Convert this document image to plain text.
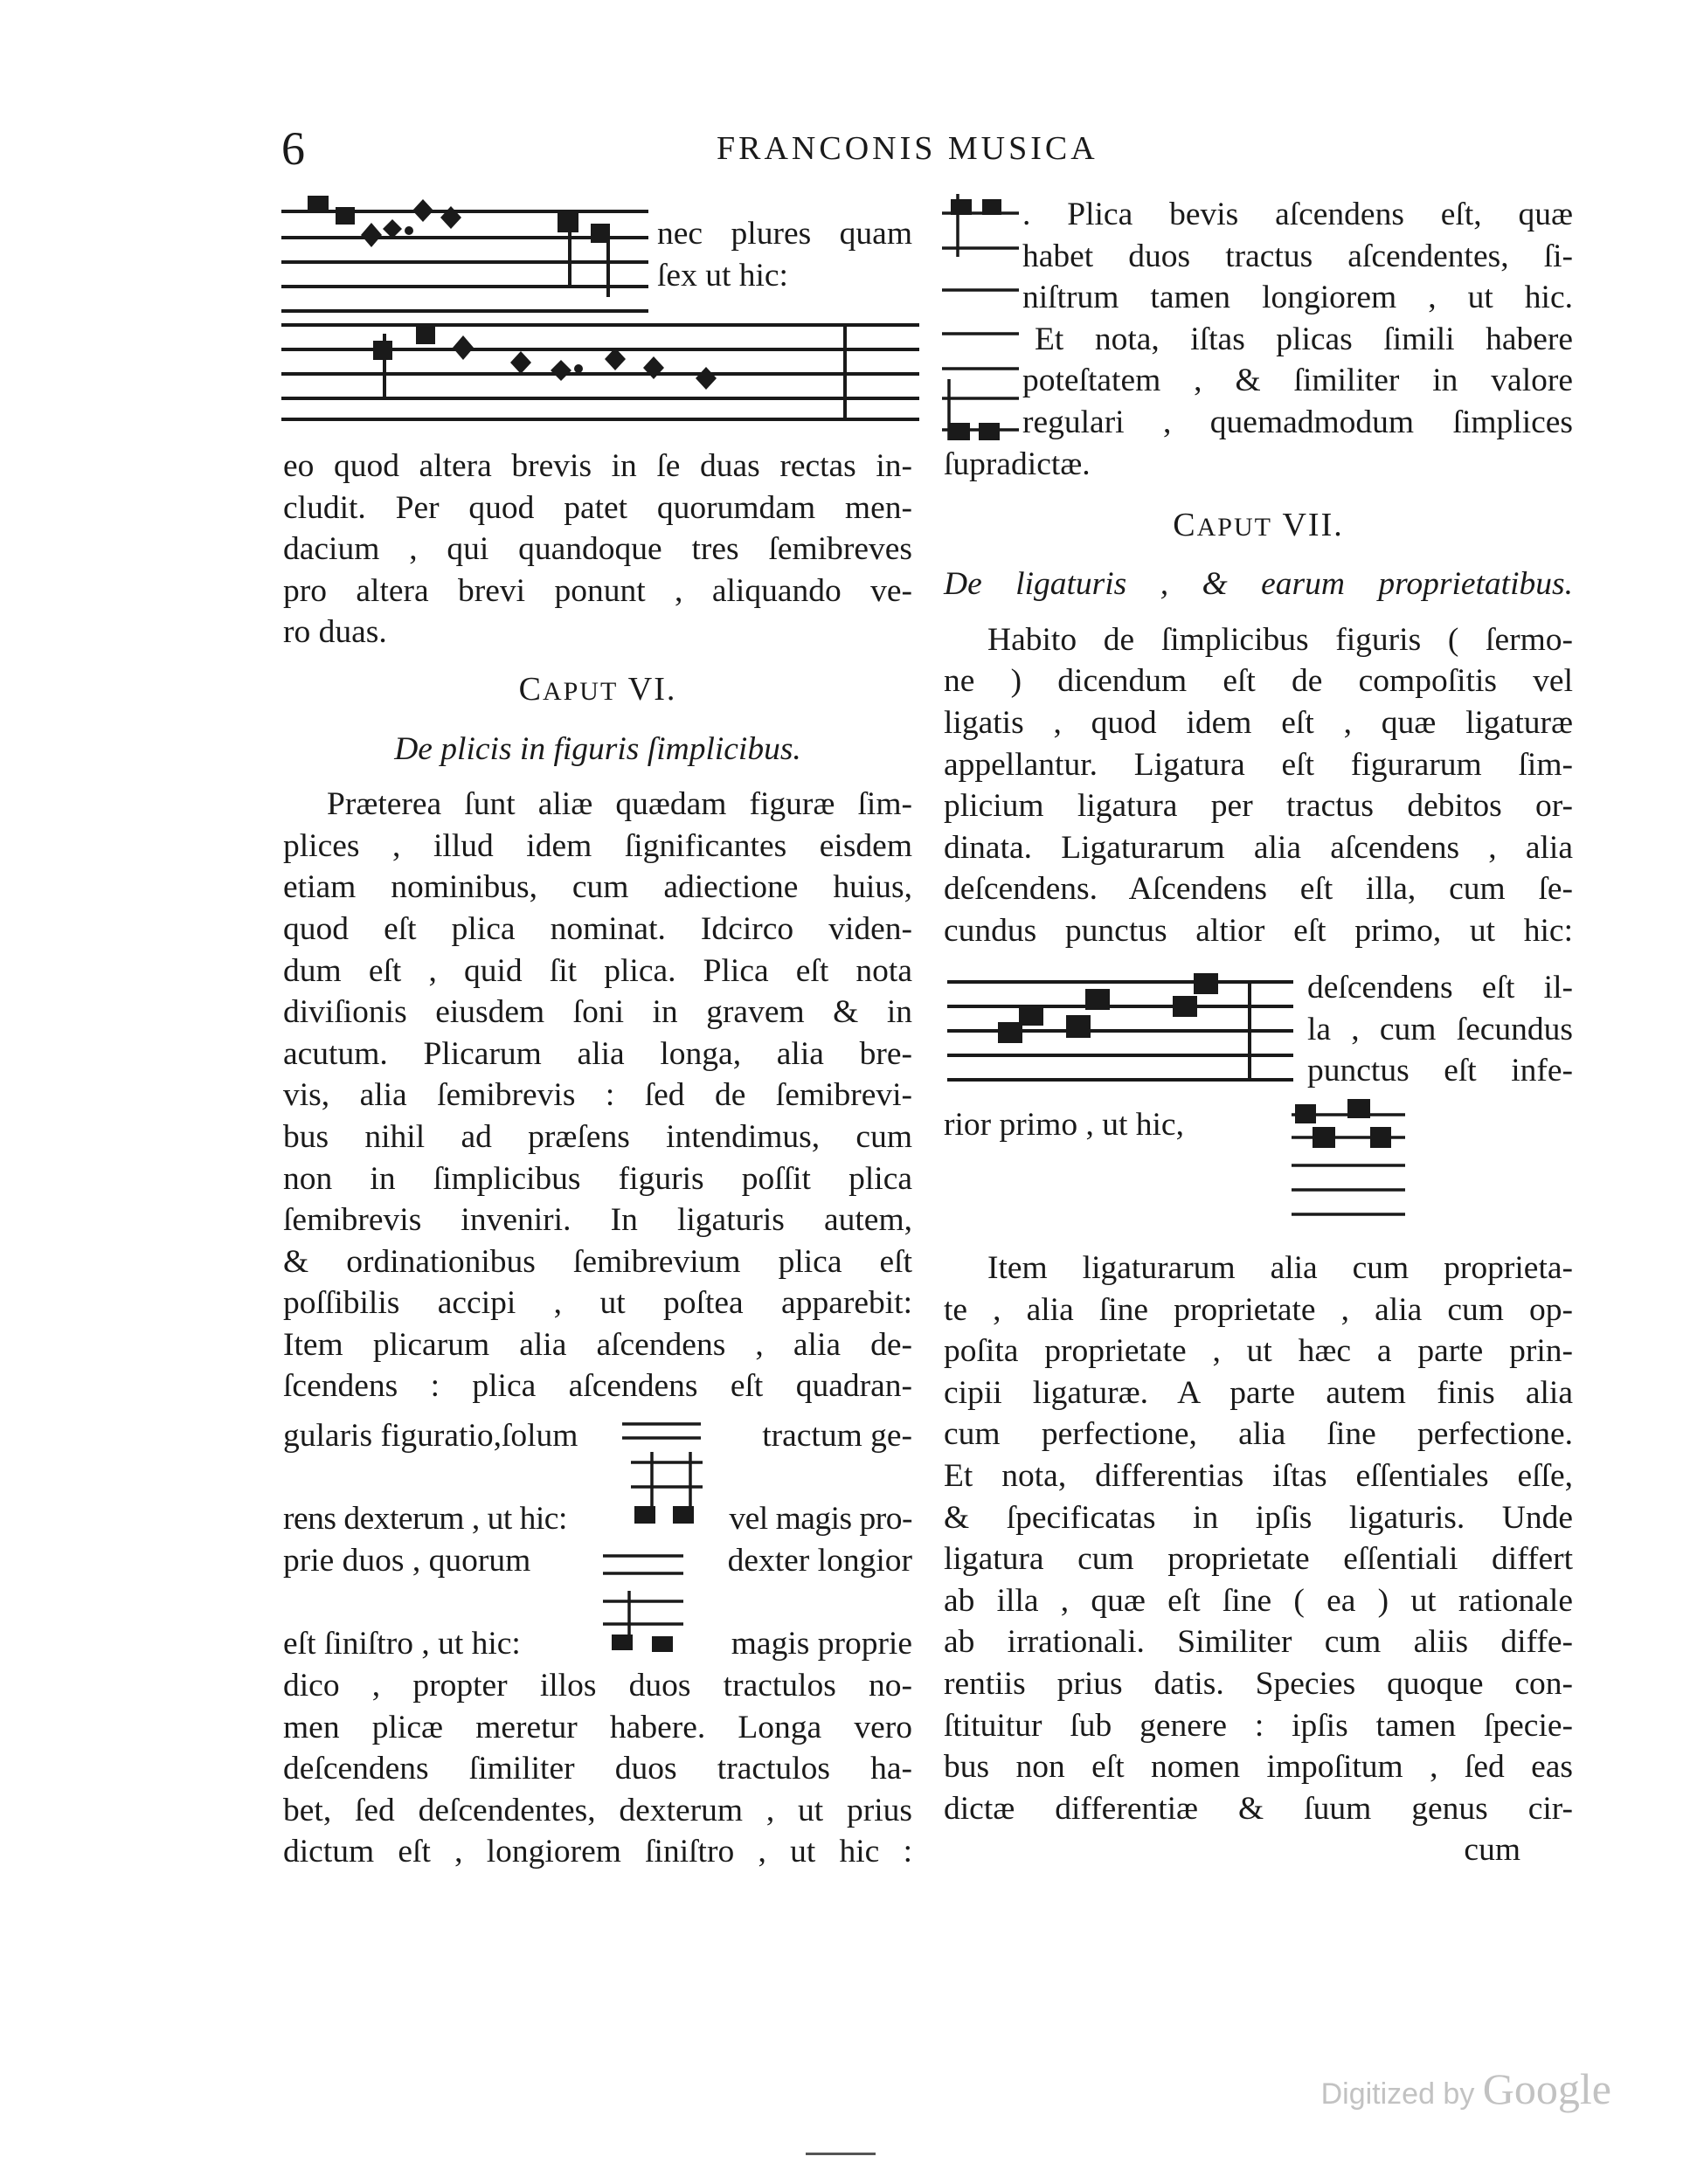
6	FRANCONIS MUSICA
nec plures quam
ſex ut hic:
eo quod altera brevis in ſe duas rectas in-
cludit. Per quod patet quorumdam men-
dacium , qui quandoque tres ſemibreves
pro altera brevi ponunt , aliquando ve-
ro duas.
CAPUT VI.
De plicis in figuris ſimplicibus.
Præterea ſunt aliæ quædam figuræ ſim-
plices , illud idem ſignificantes eisdem
etiam nominibus, cum adiectione huius,
quod eſt plica nominat. Idcirco viden-
dum eſt , quid ſit plica. Plica eſt nota
diviſionis eiusdem ſoni in gravem & in
acutum. Plicarum alia longa, alia bre-
vis, alia ſemibrevis : ſed de ſemibrevi-
bus nihil ad præſens intendimus, cum
non in ſimplicibus figuris poſſit plica
ſemibrevis inveniri. In ligaturis autem,
& ordinationibus ſemibrevium plica eſt
poſſibilis accipi , ut poſtea apparebit:
Item plicarum alia aſcendens , alia de-
ſcendens : plica aſcendens eſt quadran-
gularis figuratio,ſolum	tractum ge-
rens dexterum , ut hic:	vel magis pro-
prie duos , quorum	dexter longior
eſt ſiniſtro , ut hic:	magis proprie
dico , propter illos duos tractulos no-
men plicæ meretur habere. Longa vero
deſcendens ſimiliter duos tractulos ha-
bet, ſed deſcendentes, dexterum , ut prius
dictum eſt , longiorem ſiniſtro , ut hic :
. Plica bevis aſcendens eſt, quæ
habet duos tractus aſcendentes, ſi-
niſtrum tamen longiorem , ut hic.
Et nota, iſtas plicas ſimili habere
poteſtatem , & ſimiliter in valore
regulari , quemadmodum ſimplices
ſupradictæ.
CAPUT VII.
De ligaturis , & earum proprietatibus.
Habito de ſimplicibus figuris ( ſermo-
ne ) dicendum eſt de compoſitis vel
ligatis , quod idem eſt , quæ ligaturæ
appellantur. Ligatura eſt figurarum ſim-
plicium ligatura per tractus debitos or-
dinata. Ligaturarum alia aſcendens , alia
deſcendens. Aſcendens eſt illa, cum ſe-
cundus punctus altior eſt primo, ut hic:
deſcendens eſt il-
la , cum ſecundus
punctus eſt infe-
rior primo , ut hic,
Item ligaturarum alia cum proprieta-
te , alia ſine proprietate , alia cum op-
poſita proprietate , ut hæc a parte prin-
cipii ligaturæ. A parte autem finis alia
cum perfectione, alia ſine perfectione.
Et nota, differentias iſtas eſſentiales eſſe,
& ſpecificatas in ipſis ligaturis. Unde
ligatura cum proprietate eſſentiali differt
ab illa , quæ eſt ſine ( ea ) ut rationale
ab irrationali. Similiter cum aliis diffe-
rentiis prius datis. Species quoque con-
ſtituitur ſub genere : ipſis tamen ſpecie-
bus non eſt nomen impoſitum , ſed eas
dictæ differentiæ & ſuum genus cir-
cum
Digitized by Google
